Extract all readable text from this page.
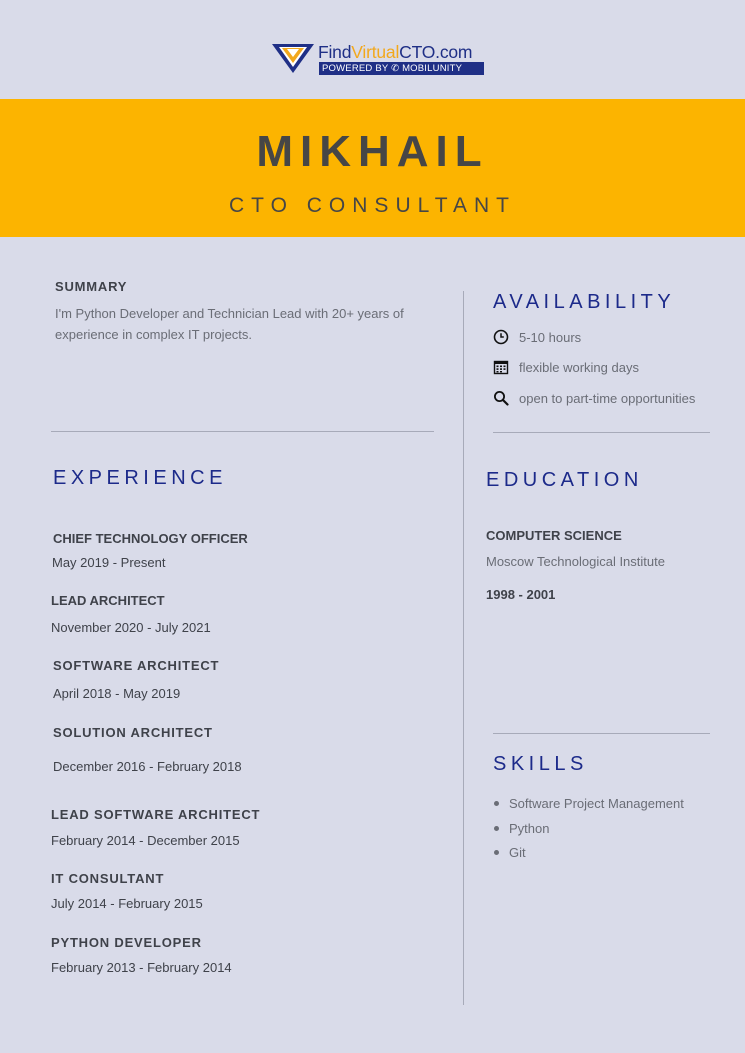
FindVirtualCTO.com
POWERED BY ✆ MOBILUNITY
MIKHAIL
CTO CONSULTANT
SUMMARY
I'm Python Developer and Technician Lead with 20+ years of experience in complex IT projects.
AVAILABILITY
5-10 hours
flexible working days
open to part-time opportunities
EXPERIENCE
CHIEF TECHNOLOGY OFFICER
May 2019 - Present
LEAD ARCHITECT
November 2020 - July 2021
SOFTWARE ARCHITECT
April 2018 - May 2019
SOLUTION ARCHITECT
December 2016 - February 2018
LEAD SOFTWARE ARCHITECT
February 2014 - December 2015
IT CONSULTANT
July 2014 - February 2015
PYTHON DEVELOPER
February 2013 - February 2014
EDUCATION
COMPUTER SCIENCE
Moscow Technological Institute
1998 - 2001
SKILLS
Software Project Management
Python
Git
